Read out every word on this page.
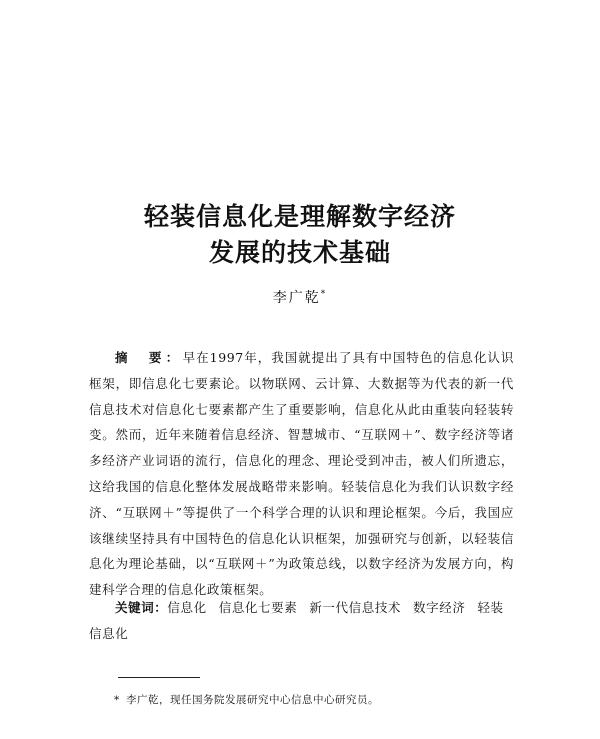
轻装信息化是理解数字经济
发展的技术基础
李广乾*

摘　要：早在1997年，我国就提出了具有中国特色的信息化认识框架，即信息化七要素论。以物联网、云计算、大数据等为代表的新一代信息技术对信息化七要素都产生了重要影响，信息化从此由重装向轻装转变。然而，近年来随着信息经济、智慧城市、“互联网＋”、数字经济等诸多经济产业词语的流行，信息化的理念、理论受到冲击，被人们所遗忘，这给我国的信息化整体发展战略带来影响。轻装信息化为我们认识数字经济、“互联网＋”等提供了一个科学合理的认识和理论框架。今后，我国应该继续坚持具有中国特色的信息化认识框架，加强研究与创新，以轻装信息化为理论基础，以“互联网＋”为政策总线，以数字经济为发展方向，构建科学合理的信息化政策框架。

关键词：信息化 信息化七要素 新一代信息技术 数字经济 轻装信息化

* 李广乾，现任国务院发展研究中心信息中心研究员。
